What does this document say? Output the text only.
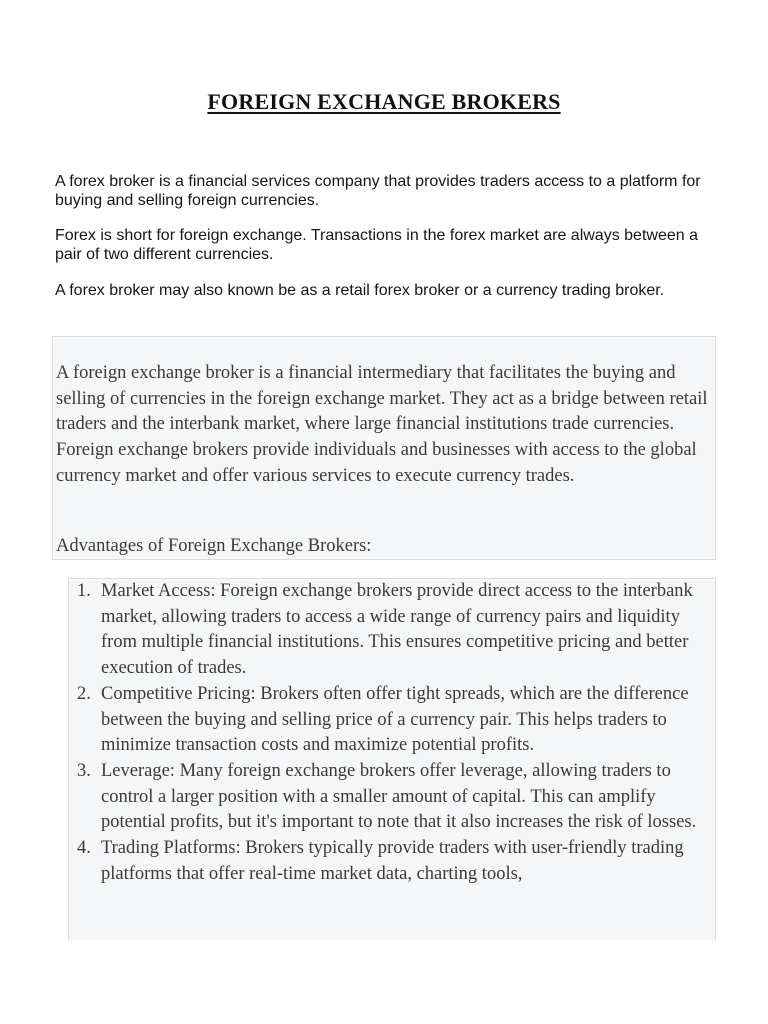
FOREIGN EXCHANGE BROKERS

A forex broker is a financial services company that provides traders access to a platform for buying and selling foreign currencies.

Forex is short for foreign exchange. Transactions in the forex market are always between a pair of two different currencies.

A forex broker may also known be as a retail forex broker or a currency trading broker.

A foreign exchange broker is a financial intermediary that facilitates the buying and selling of currencies in the foreign exchange market. They act as a bridge between retail traders and the interbank market, where large financial institutions trade currencies. Foreign exchange brokers provide individuals and businesses with access to the global currency market and offer various services to execute currency trades.

Advantages of Foreign Exchange Brokers:

1. Market Access: Foreign exchange brokers provide direct access to the interbank market, allowing traders to access a wide range of currency pairs and liquidity from multiple financial institutions. This ensures competitive pricing and better execution of trades.
2. Competitive Pricing: Brokers often offer tight spreads, which are the difference between the buying and selling price of a currency pair. This helps traders to minimize transaction costs and maximize potential profits.
3. Leverage: Many foreign exchange brokers offer leverage, allowing traders to control a larger position with a smaller amount of capital. This can amplify potential profits, but it's important to note that it also increases the risk of losses.
4. Trading Platforms: Brokers typically provide traders with user-friendly trading platforms that offer real-time market data, charting tools,
